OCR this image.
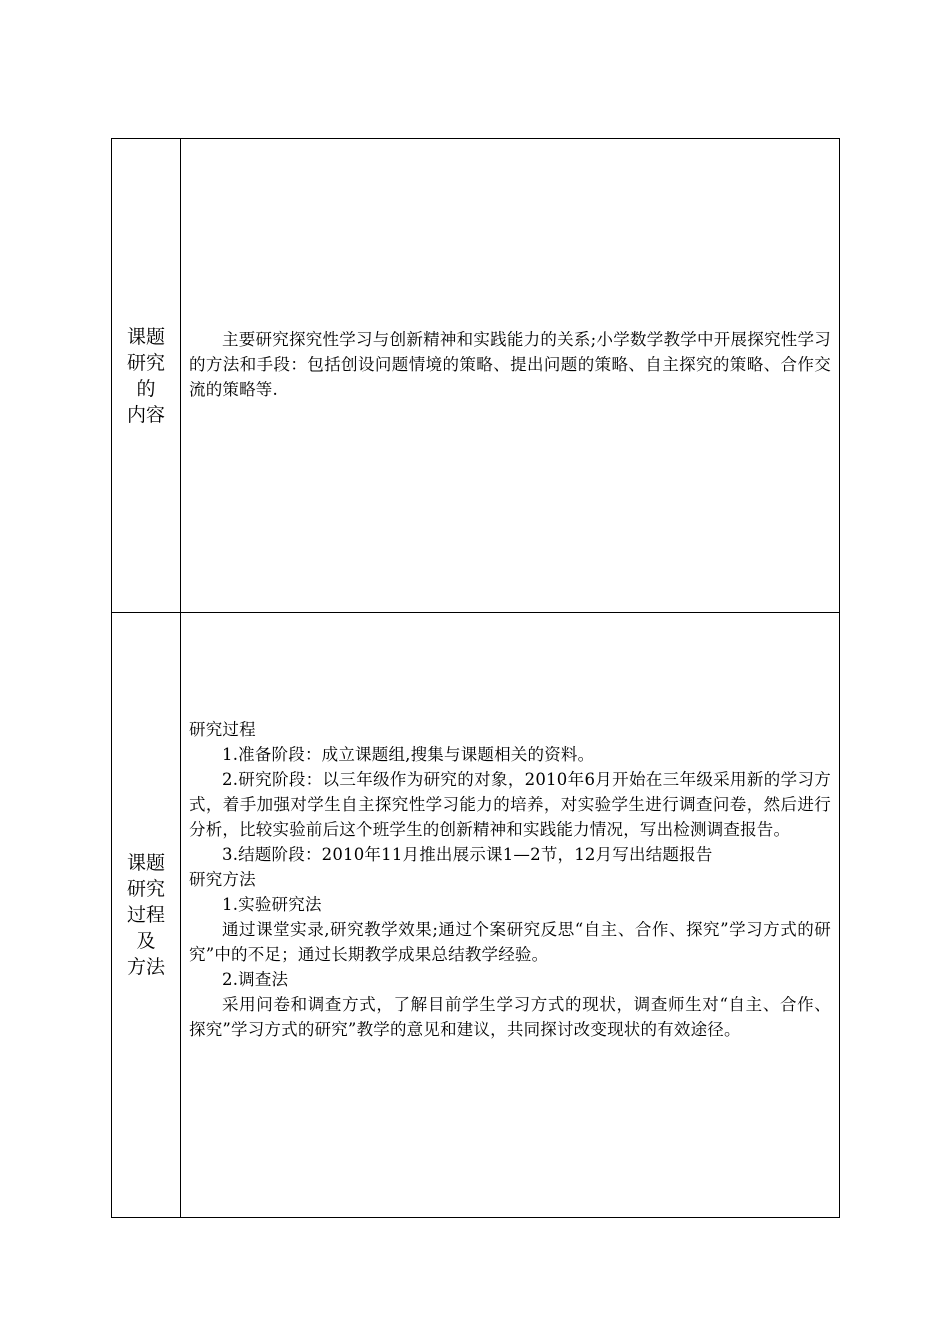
课题
研究
的
内容

主要研究探究性学习与创新精神和实践能力的关系;小学数学教学中开展探究性学习的方法和手段：包括创设问题情境的策略、提出问题的策略、自主探究的策略、合作交流的策略等.

课题
研究
过程
及
方法

研究过程

1.准备阶段：成立课题组,搜集与课题相关的资料。

2.研究阶段：以三年级作为研究的对象，2010年6月开始在三年级采用新的学习方式，着手加强对学生自主探究性学习能力的培养，对实验学生进行调查问卷，然后进行分析，比较实验前后这个班学生的创新精神和实践能力情况，写出检测调查报告。

3.结题阶段：2010年11月推出展示课1—2节，12月写出结题报告

研究方法

1.实验研究法

通过课堂实录,研究教学效果;通过个案研究反思“自主、合作、探究”学习方式的研究”中的不足；通过长期教学成果总结教学经验。

2.调查法

采用问卷和调查方式，了解目前学生学习方式的现状，调查师生对“自主、合作、探究”学习方式的研究”教学的意见和建议，共同探讨改变现状的有效途径。
